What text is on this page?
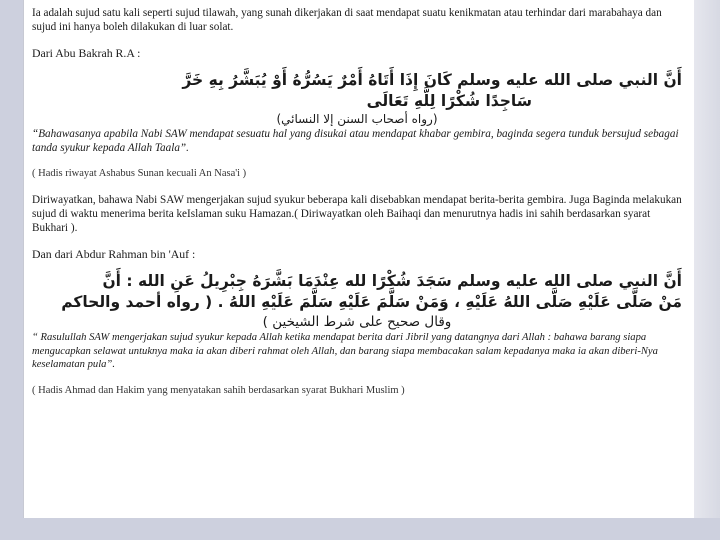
Ia adalah sujud satu kali seperti sujud tilawah, yang sunah dikerjakan di saat mendapat suatu kenikmatan atau terhindar dari marabahaya dan sujud ini hanya boleh dilakukan di luar solat.

Dari Abu Bakrah R.A :

أَنَّ النبي صلى الله عليه وسلم كَانَ إِذَا أَتَاهُ أَمْرٌ يَسُرُّهُ أَوْ يُبَشَّرُ بِهِ خَرَّ
سَاجِدًا شُكْرًا لِلَّهِ تَعَالَى
(رواه أصحاب السنن إلا النسائي)

“Bahawasanya apabila Nabi SAW mendapat sesuatu hal yang disukai atau mendapat khabar gembira, baginda segera tunduk bersujud sebagai tanda syukur kepada Allah Taala”.

( Hadis riwayat Ashabus Sunan kecuali An Nasa'i )

Diriwayatkan, bahawa Nabi SAW mengerjakan sujud syukur beberapa kali disebabkan mendapat berita-berita gembira. Juga Baginda melakukan sujud di waktu menerima berita keIslaman suku Hamazan.( Diriwayatkan oleh Baihaqi dan menurutnya hadis ini sahih berdasarkan syarat Bukhari ).

Dan dari Abdur Rahman bin 'Auf :

أَنَّ النبي صلى الله عليه وسلم سَجَدَ شُكْرًا لله عِنْدَمَا بَشَّرَهُ جِبْرِيلُ عَنِ الله : أَنَّ
مَنْ صَلَّى عَلَيْهِ صَلَّى اللهُ عَلَيْهِ ، وَمَنْ سَلَّمَ عَلَيْهِ سَلَّمَ عَلَيْهِ اللهُ . ( رواه أحمد والحاكم
وقال صحيح على شرط الشيخين )

“ Rasulullah SAW mengerjakan sujud syukur kepada Allah ketika mendapat berita dari Jibril yang datangnya dari Allah : bahawa barang siapa mengucapkan selawat untuknya maka ia akan diberi rahmat oleh Allah, dan barang siapa membacakan salam kepadanya maka ia akan diberi-Nya keselamatan pula”.

( Hadis Ahmad dan Hakim yang menyatakan sahih berdasarkan syarat Bukhari Muslim )
